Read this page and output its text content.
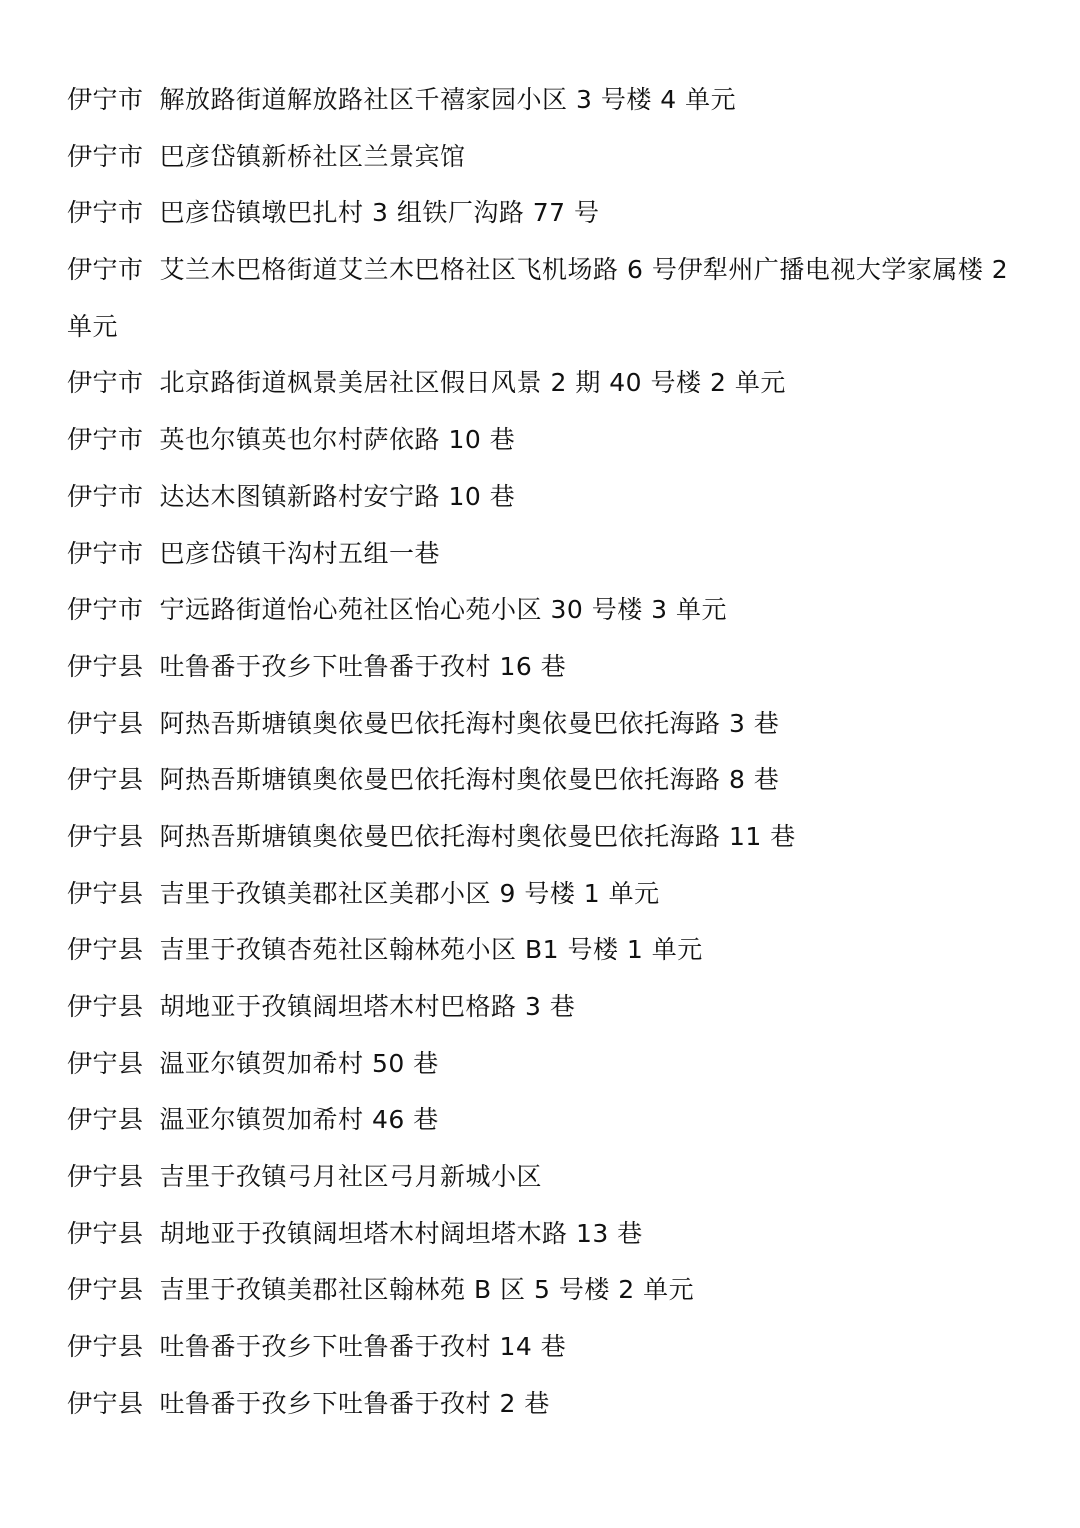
伊宁市 解放路街道解放路社区千禧家园小区 3 号楼 4 单元
伊宁市 巴彦岱镇新桥社区兰景宾馆
伊宁市 巴彦岱镇墩巴扎村 3 组铁厂沟路 77 号
伊宁市 艾兰木巴格街道艾兰木巴格社区飞机场路 6 号伊犁州广播电视大学家属楼 2 单元
伊宁市 北京路街道枫景美居社区假日风景 2 期 40 号楼 2 单元
伊宁市 英也尔镇英也尔村萨依路 10 巷
伊宁市 达达木图镇新路村安宁路 10 巷
伊宁市 巴彦岱镇干沟村五组一巷
伊宁市 宁远路街道怡心苑社区怡心苑小区 30 号楼 3 单元
伊宁县 吐鲁番于孜乡下吐鲁番于孜村 16 巷
伊宁县 阿热吾斯塘镇奥依曼巴依托海村奥依曼巴依托海路 3 巷
伊宁县 阿热吾斯塘镇奥依曼巴依托海村奥依曼巴依托海路 8 巷
伊宁县 阿热吾斯塘镇奥依曼巴依托海村奥依曼巴依托海路 11 巷
伊宁县 吉里于孜镇美郡社区美郡小区 9 号楼 1 单元
伊宁县 吉里于孜镇杏苑社区翰林苑小区 B1 号楼 1 单元
伊宁县 胡地亚于孜镇阔坦塔木村巴格路 3 巷
伊宁县 温亚尔镇贺加希村 50 巷
伊宁县 温亚尔镇贺加希村 46 巷
伊宁县 吉里于孜镇弓月社区弓月新城小区
伊宁县 胡地亚于孜镇阔坦塔木村阔坦塔木路 13 巷
伊宁县 吉里于孜镇美郡社区翰林苑 B 区 5 号楼 2 单元
伊宁县 吐鲁番于孜乡下吐鲁番于孜村 14 巷
伊宁县 吐鲁番于孜乡下吐鲁番于孜村 2 巷
